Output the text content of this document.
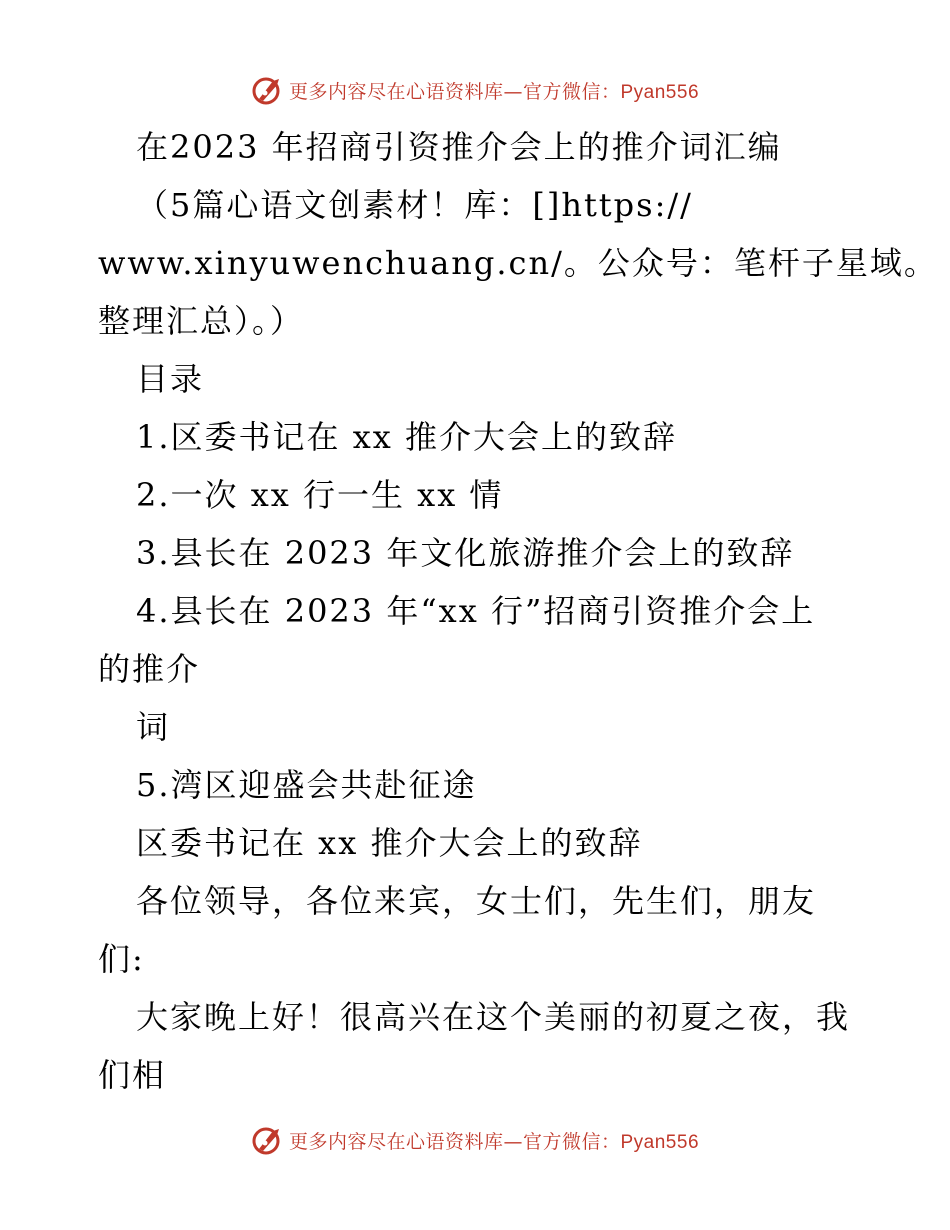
更多内容尽在心语资料库—官方微信：Pyan556
在2023 年招商引资推介会上的推介词汇编
（5篇心语文创素材！库：[]https://
www.xinyuwenchuang.cn/。公众号：笔杆子星域。
整理汇总）。）
目录
1.区委书记在 xx 推介大会上的致辞
2.一次 xx 行一生 xx 情
3.县长在 2023 年文化旅游推介会上的致辞
4.县长在 2023 年“xx 行”招商引资推介会上
的推介
词
5.湾区迎盛会共赴征途
区委书记在 xx 推介大会上的致辞
各位领导，各位来宾，女士们，先生们，朋友
们:
大家晚上好！很高兴在这个美丽的初夏之夜，我
们相
更多内容尽在心语资料库—官方微信：Pyan556
